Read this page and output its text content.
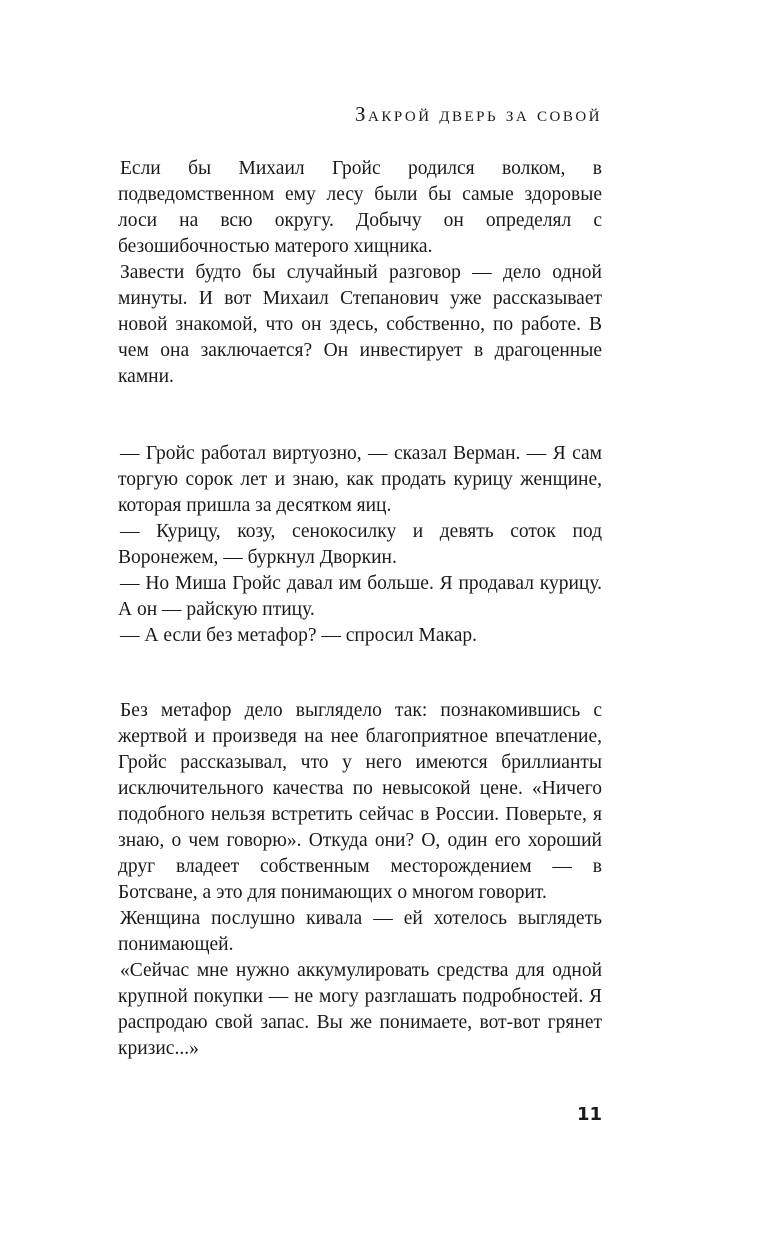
Закрой дверь за совой

Если бы Михаил Гройс родился волком, в подведомственном ему лесу были бы самые здоровые лоси на всю округу. Добычу он определял с безошибочностью матерого хищника.

Завести будто бы случайный разговор — дело одной минуты. И вот Михаил Степанович уже рассказывает новой знакомой, что он здесь, собственно, по работе. В чем она заключается? Он инвестирует в драгоценные камни.

— Гройс работал виртуозно, — сказал Верман. — Я сам торгую сорок лет и знаю, как продать курицу женщине, которая пришла за десятком яиц.

— Курицу, козу, сенокосилку и девять соток под Воронежем, — буркнул Дворкин.

— Но Миша Гройс давал им больше. Я продавал курицу. А он — райскую птицу.

— А если без метафор? — спросил Макар.

Без метафор дело выглядело так: познакомившись с жертвой и произведя на нее благоприятное впечатление, Гройс рассказывал, что у него имеются бриллианты исключительного качества по невысокой цене. «Ничего подобного нельзя встретить сейчас в России. Поверьте, я знаю, о чем говорю». Откуда они? О, один его хороший друг владеет собственным месторождением — в Ботсване, а это для понимающих о многом говорит.

Женщина послушно кивала — ей хотелось выглядеть понимающей.

«Сейчас мне нужно аккумулировать средства для одной крупной покупки — не могу разглашать подробностей. Я распродаю свой запас. Вы же понимаете, вот-вот грянет кризис...»

11
